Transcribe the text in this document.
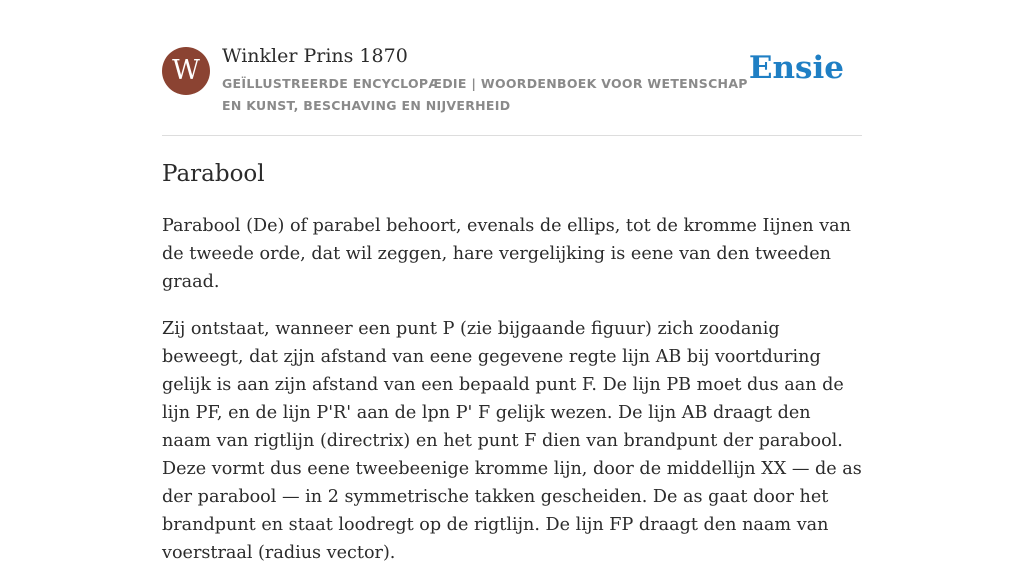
W	Winkler Prins 1870
GEÏLLUSTREERDE ENCYCLOPÆDIE | WOORDENBOEK VOOR WETENSCHAP EN KUNST, BESCHAVING EN NIJVERHEID
Ensie
Parabool

Parabool (De) of parabel behoort, evenals de ellips, tot de kromme Iijnen van de tweede orde, dat wil zeggen, hare vergelijking is eene van den tweeden graad.

Zij ontstaat, wanneer een punt P (zie bijgaande figuur) zich zoodanig beweegt, dat zjjn afstand van eene gegevene regte lijn AB bij voortduring gelijk is aan zijn afstand van een bepaald punt F. De lijn PB moet dus aan de lijn PF, en de lijn P'R' aan de lpn P' F gelijk wezen. De lijn AB draagt den naam van rigtlijn (directrix) en het punt F dien van brandpunt der parabool. Deze vormt dus eene tweebeenige kromme lijn, door de middellijn XX — de as der parabool — in 2 symmetrische takken gescheiden. De as gaat door het brandpunt en staat loodregt op de rigtlijn. De lijn FP draagt den naam van voerstraal (radius vector).
